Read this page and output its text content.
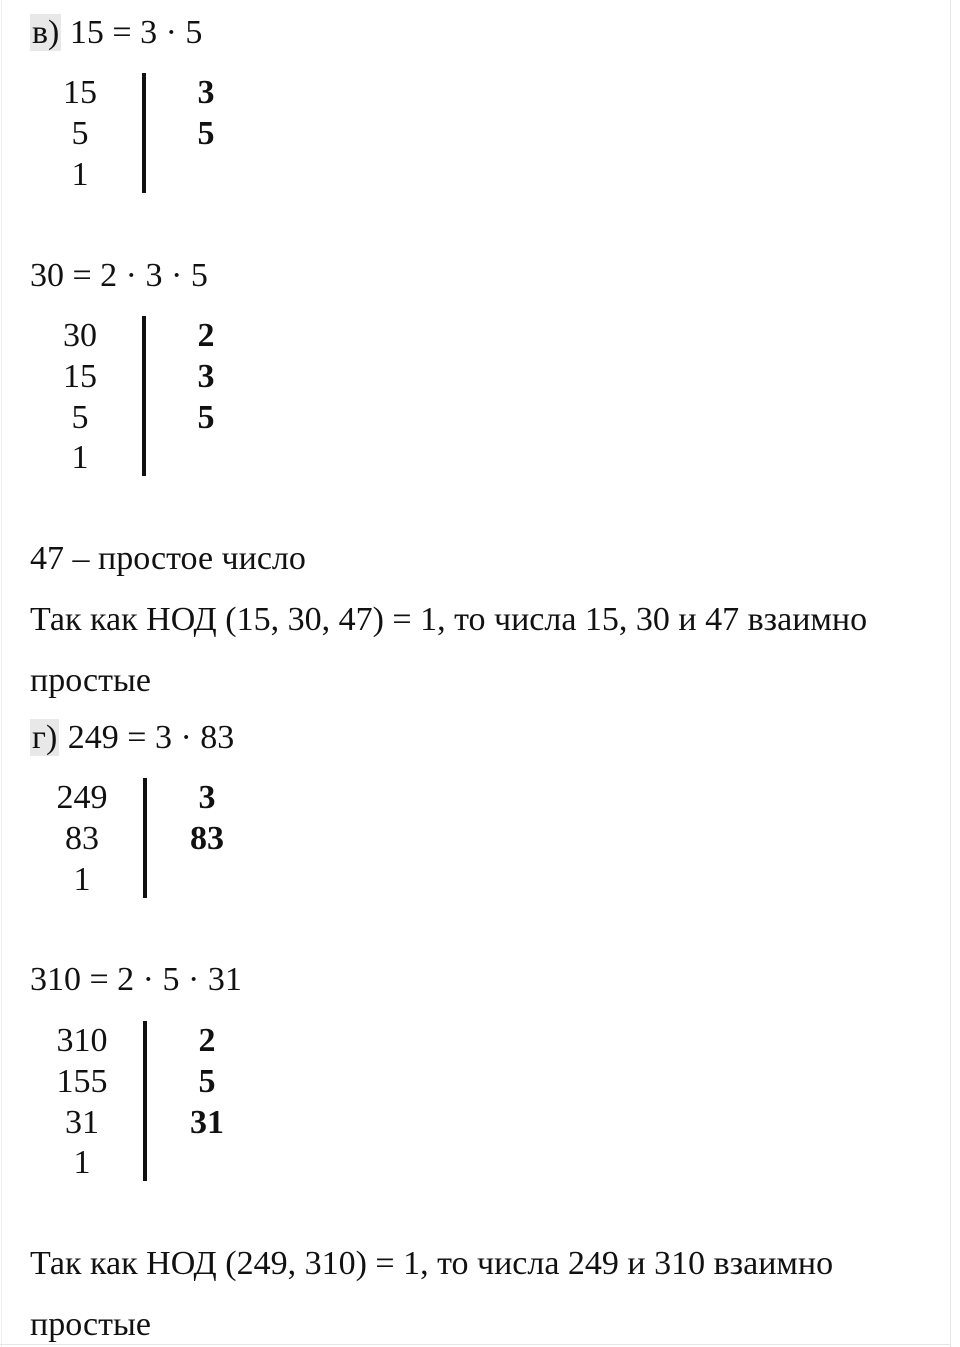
в) 15 = 3 · 5
15
5
1
3
5
30 = 2 · 3 · 5
30
15
5
1
2
3
5
47 – простое число
Так как НОД (15, 30, 47) = 1, то числа 15, 30 и 47 взаимно
простые
г) 249 = 3 · 83
249
83
1
3
83
310 = 2 · 5 · 31
310
155
31
1
2
5
31
Так как НОД (249, 310) = 1, то числа 249 и 310 взаимно
простые
